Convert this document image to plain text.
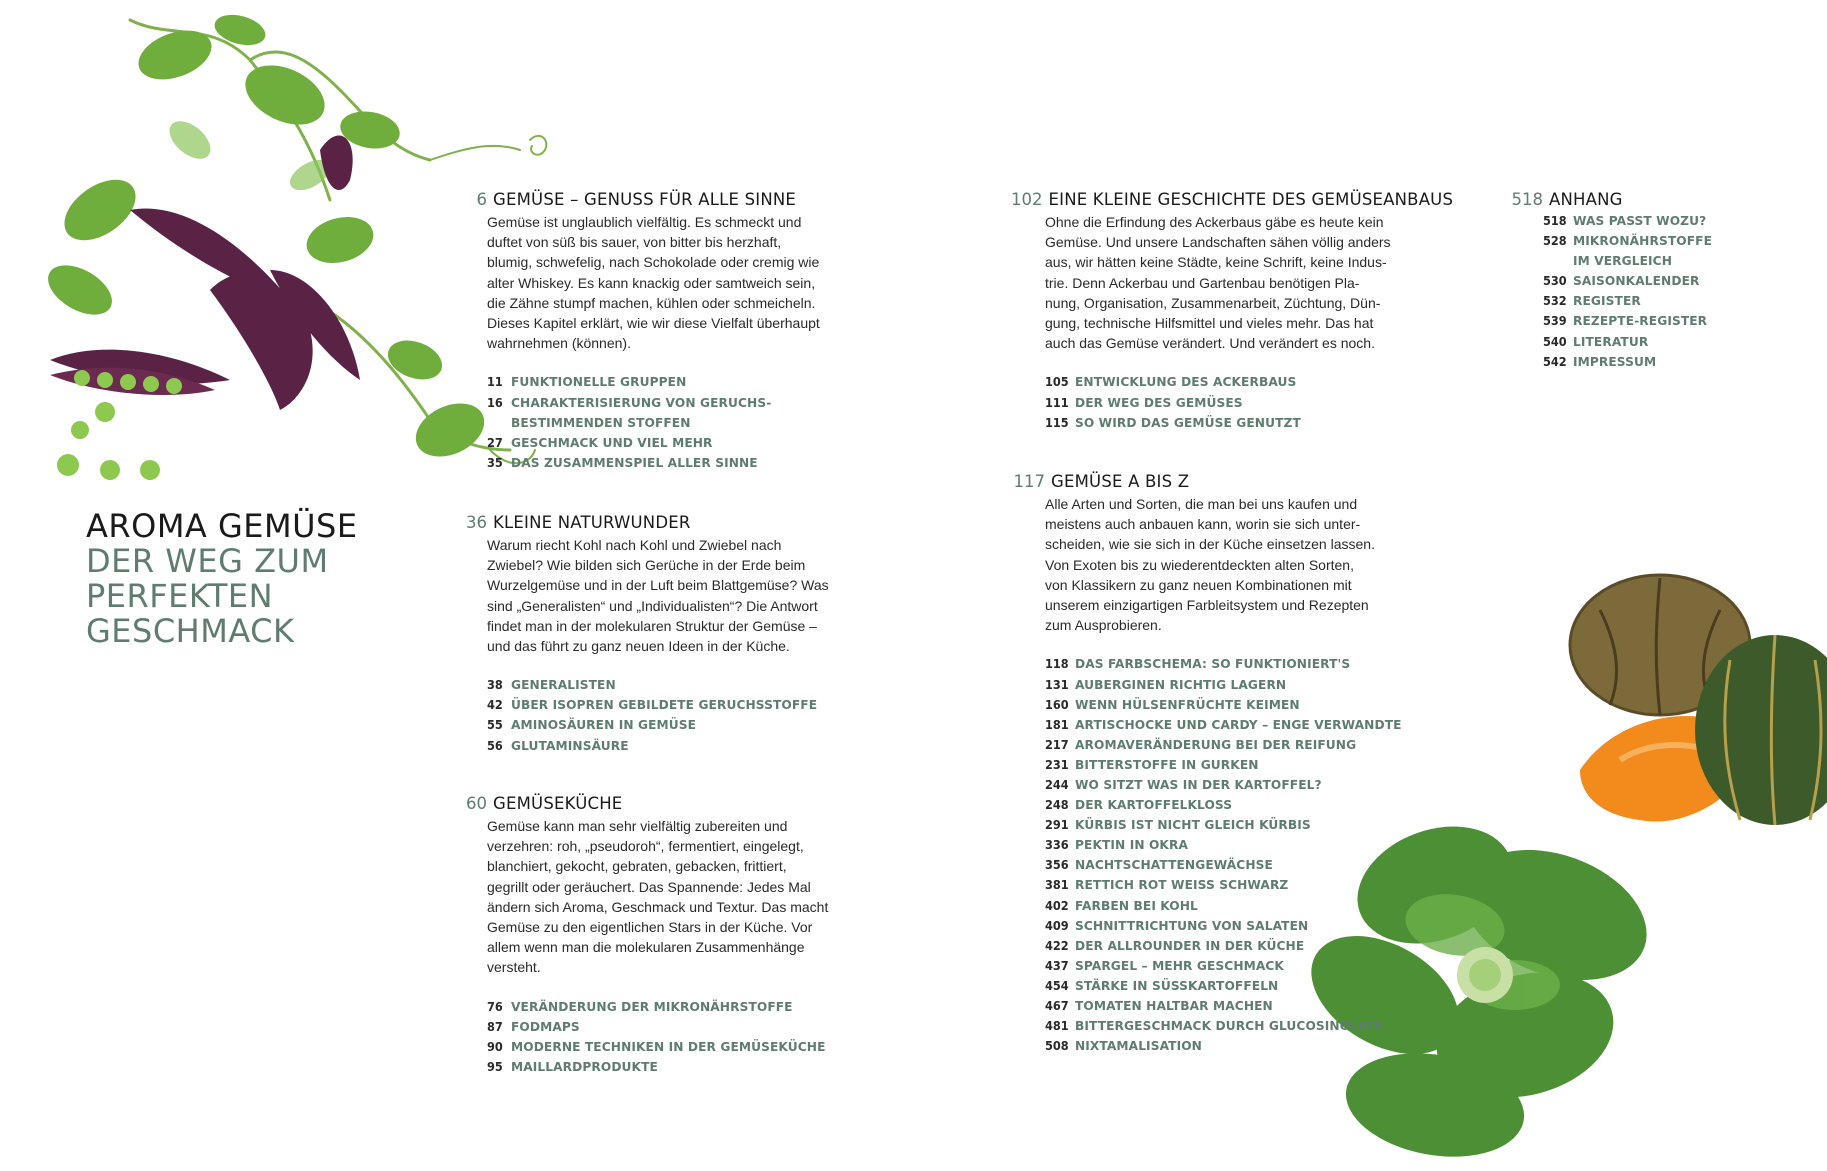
AROMA GEMÜSE
DER WEG ZUM PERFEKTEN
GESCHMACK
6 GEMÜSE – GENUSS FÜR ALLE SINNE
Gemüse ist unglaublich vielfältig. Es schmeckt und
duftet von süß bis sauer, von bitter bis herzhaft,
blumig, schwefelig, nach Schokolade oder cremig wie
alter Whiskey. Es kann knackig oder samtweich sein,
die Zähne stumpf machen, kühlen oder schmeicheln.
Dieses Kapitel erklärt, wie wir diese Vielfalt überhaupt
wahrnehmen (können).
11 FUNKTIONELLE GRUPPEN
16 CHARAKTERISIERUNG VON GERUCHS-
BESTIMMENDEN STOFFEN
27 GESCHMACK UND VIEL MEHR
35 DAS ZUSAMMENSPIEL ALLER SINNE
36 KLEINE NATURWUNDER
Warum riecht Kohl nach Kohl und Zwiebel nach
Zwiebel? Wie bilden sich Gerüche in der Erde beim
Wurzelgemüse und in der Luft beim Blattgemüse? Was
sind „Generalisten“ und „Individualisten“? Die Antwort
findet man in der molekularen Struktur der Gemüse –
und das führt zu ganz neuen Ideen in der Küche.
38 GENERALISTEN
42 ÜBER ISOPREN GEBILDETE GERUCHSSTOFFE
55 AMINOSÄUREN IN GEMÜSE
56 GLUTAMINSÄURE
60 GEMÜSEKÜCHE
Gemüse kann man sehr vielfältig zubereiten und
verzehren: roh, „pseudoroh“, fermentiert, eingelegt,
blanchiert, gekocht, gebraten, gebacken, frittiert,
gegrillt oder geräuchert. Das Spannende: Jedes Mal
ändern sich Aroma, Geschmack und Textur. Das macht
Gemüse zu den eigentlichen Stars in der Küche. Vor
allem wenn man die molekularen Zusammenhänge
versteht.
76 VERÄNDERUNG DER MIKRONÄHRSTOFFE
87 FODMAPS
90 MODERNE TECHNIKEN IN DER GEMÜSEKÜCHE
95 MAILLARDPRODUKTE
102 EINE KLEINE GESCHICHTE DES GEMÜSEANBAUS
Ohne die Erfindung des Ackerbaus gäbe es heute kein
Gemüse. Und unsere Landschaften sähen völlig anders
aus, wir hätten keine Städte, keine Schrift, keine Indus-
trie. Denn Ackerbau und Gartenbau benötigen Pla-
nung, Organisation, Zusammenarbeit, Züchtung, Dün-
gung, technische Hilfsmittel und vieles mehr. Das hat
auch das Gemüse verändert. Und verändert es noch.
105 ENTWICKLUNG DES ACKERBAUS
111 DER WEG DES GEMÜSES
115 SO WIRD DAS GEMÜSE GENUTZT
117 GEMÜSE A BIS Z
Alle Arten und Sorten, die man bei uns kaufen und
meistens auch anbauen kann, worin sie sich unter-
scheiden, wie sie sich in der Küche einsetzen lassen.
Von Exoten bis zu wiederentdeckten alten Sorten,
von Klassikern zu ganz neuen Kombinationen mit
unserem einzigartigen Farbleitsystem und Rezepten
zum Ausprobieren.
118 DAS FARBSCHEMA: SO FUNKTIONIERT'S
131 AUBERGINEN RICHTIG LAGERN
160 WENN HÜLSENFRÜCHTE KEIMEN
181 ARTISCHOCKE UND CARDY – ENGE VERWANDTE
217 AROMAVERÄNDERUNG BEI DER REIFUNG
231 BITTERSTOFFE IN GURKEN
244 WO SITZT WAS IN DER KARTOFFEL?
248 DER KARTOFFELKLOSS
291 KÜRBIS IST NICHT GLEICH KÜRBIS
336 PEKTIN IN OKRA
356 NACHTSCHATTENGEWÄCHSE
381 RETTICH ROT WEISS SCHWARZ
402 FARBEN BEI KOHL
409 SCHNITTRICHTUNG VON SALATEN
422 DER ALLROUNDER IN DER KÜCHE
437 SPARGEL – MEHR GESCHMACK
454 STÄRKE IN SÜSSKARTOFFELN
467 TOMATEN HALTBAR MACHEN
481 BITTERGESCHMACK DURCH GLUCOSINOLATE
508 NIXTAMALISATION
518 ANHANG
518 WAS PASST WOZU?
528 MIKRONÄHRSTOFFE
IM VERGLEICH
530 SAISONKALENDER
532 REGISTER
539 REZEPTE-REGISTER
540 LITERATUR
542 IMPRESSUM
